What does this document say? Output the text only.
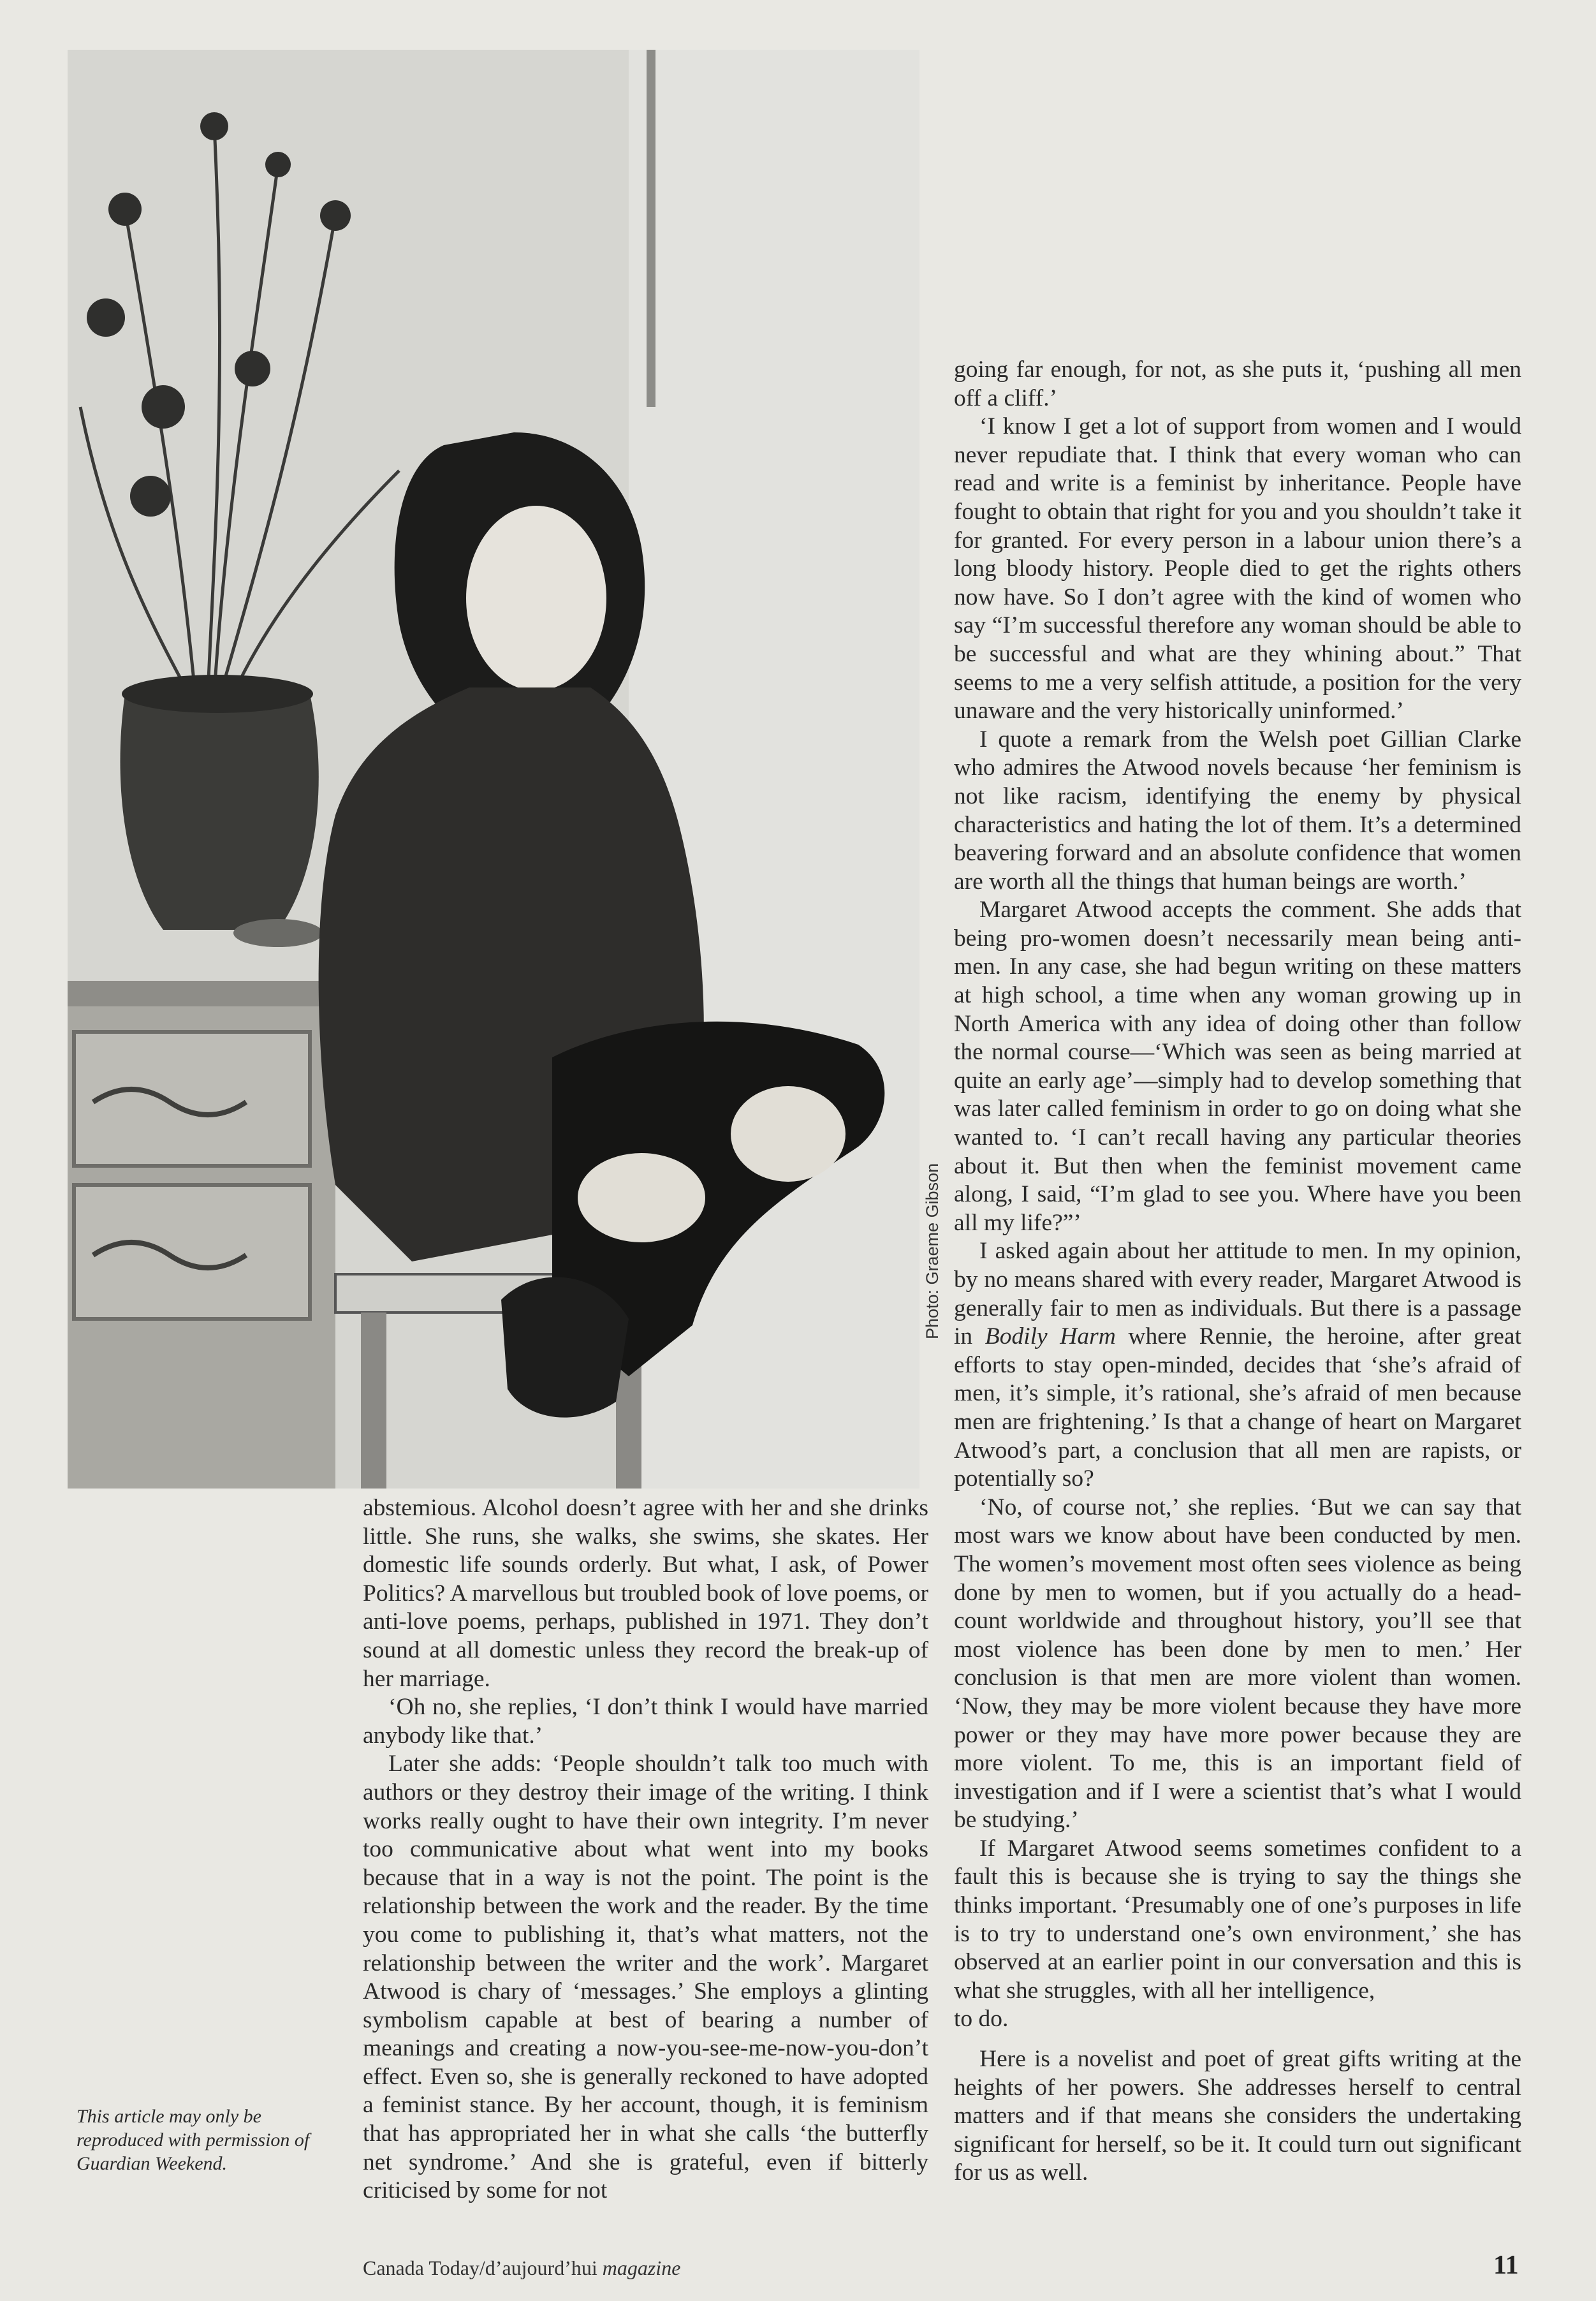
Photo: Graeme Gibson

abstemious. Alcohol doesn’t agree with her and she drinks little. She runs, she walks, she swims, she skates. Her domestic life sounds orderly. But what, I ask, of Power Politics? A marvellous but troubled book of love poems, or anti-love poems, perhaps, published in 1971. They don’t sound at all domestic unless they record the break-up of her marriage.

‘Oh no, she replies, ‘I don’t think I would have married anybody like that.’

Later she adds: ‘People shouldn’t talk too much with authors or they destroy their image of the writing. I think works really ought to have their own integrity. I’m never too communicative about what went into my books because that in a way is not the point. The point is the relationship between the work and the reader. By the time you come to publishing it, that’s what matters, not the relationship between the writer and the work’. Margaret Atwood is chary of ‘messages.’ She employs a glinting symbolism capable at best of bearing a number of meanings and creating a now-you-see-me-now-you-don’t effect. Even so, she is generally reckoned to have adopted a feminist stance. By her account, though, it is feminism that has appropriated her in what she calls ‘the butterfly net syndrome.’ And she is grateful, even if bitterly criticised by some for not

going far enough, for not, as she puts it, ‘pushing all men off a cliff.’

‘I know I get a lot of support from women and I would never repudiate that. I think that every woman who can read and write is a feminist by inheritance. People have fought to obtain that right for you and you shouldn’t take it for granted. For every person in a labour union there’s a long bloody history. People died to get the rights others now have. So I don’t agree with the kind of women who say “I’m successful therefore any woman should be able to be successful and what are they whining about.” That seems to me a very selfish attitude, a position for the very unaware and the very historically uninformed.’

I quote a remark from the Welsh poet Gillian Clarke who admires the Atwood novels because ‘her feminism is not like racism, identifying the enemy by physical characteristics and hating the lot of them. It’s a determined beavering forward and an absolute confidence that women are worth all the things that human beings are worth.’

Margaret Atwood accepts the comment. She adds that being pro-women doesn’t necessarily mean being anti-men. In any case, she had begun writing on these matters at high school, a time when any woman growing up in North America with any idea of doing other than follow the normal course—‘Which was seen as being married at quite an early age’—simply had to develop something that was later called feminism in order to go on doing what she wanted to. ‘I can’t recall having any particular theories about it. But then when the feminist movement came along, I said, “I’m glad to see you. Where have you been all my life?”’

I asked again about her attitude to men. In my opinion, by no means shared with every reader, Margaret Atwood is generally fair to men as individuals. But there is a passage in Bodily Harm where Rennie, the heroine, after great efforts to stay open-minded, decides that ‘she’s afraid of men, it’s simple, it’s rational, she’s afraid of men because men are frightening.’ Is that a change of heart on Margaret Atwood’s part, a conclusion that all men are rapists, or potentially so?

‘No, of course not,’ she replies. ‘But we can say that most wars we know about have been conducted by men. The women’s movement most often sees violence as being done by men to women, but if you actually do a head-count worldwide and throughout history, you’ll see that most violence has been done by men to men.’ Her conclusion is that men are more violent than women. ‘Now, they may be more violent because they have more power or they may have more power because they are more violent. To me, this is an important field of investigation and if I were a scientist that’s what I would be studying.’

If Margaret Atwood seems sometimes confident to a fault this is because she is trying to say the things she thinks important. ‘Presumably one of one’s purposes in life is to try to understand one’s own environment,’ she has observed at an earlier point in our conversation and this is what she struggles, with all her intelligence,

to do.

Here is a novelist and poet of great gifts writing at the heights of her powers. She addresses herself to central matters and if that means she considers the undertaking significant for herself, so be it. It could turn out significant for us as well.

This article may only be reproduced with permission of Guardian Weekend.
Canada Today/d’aujourd’hui magazine	11
